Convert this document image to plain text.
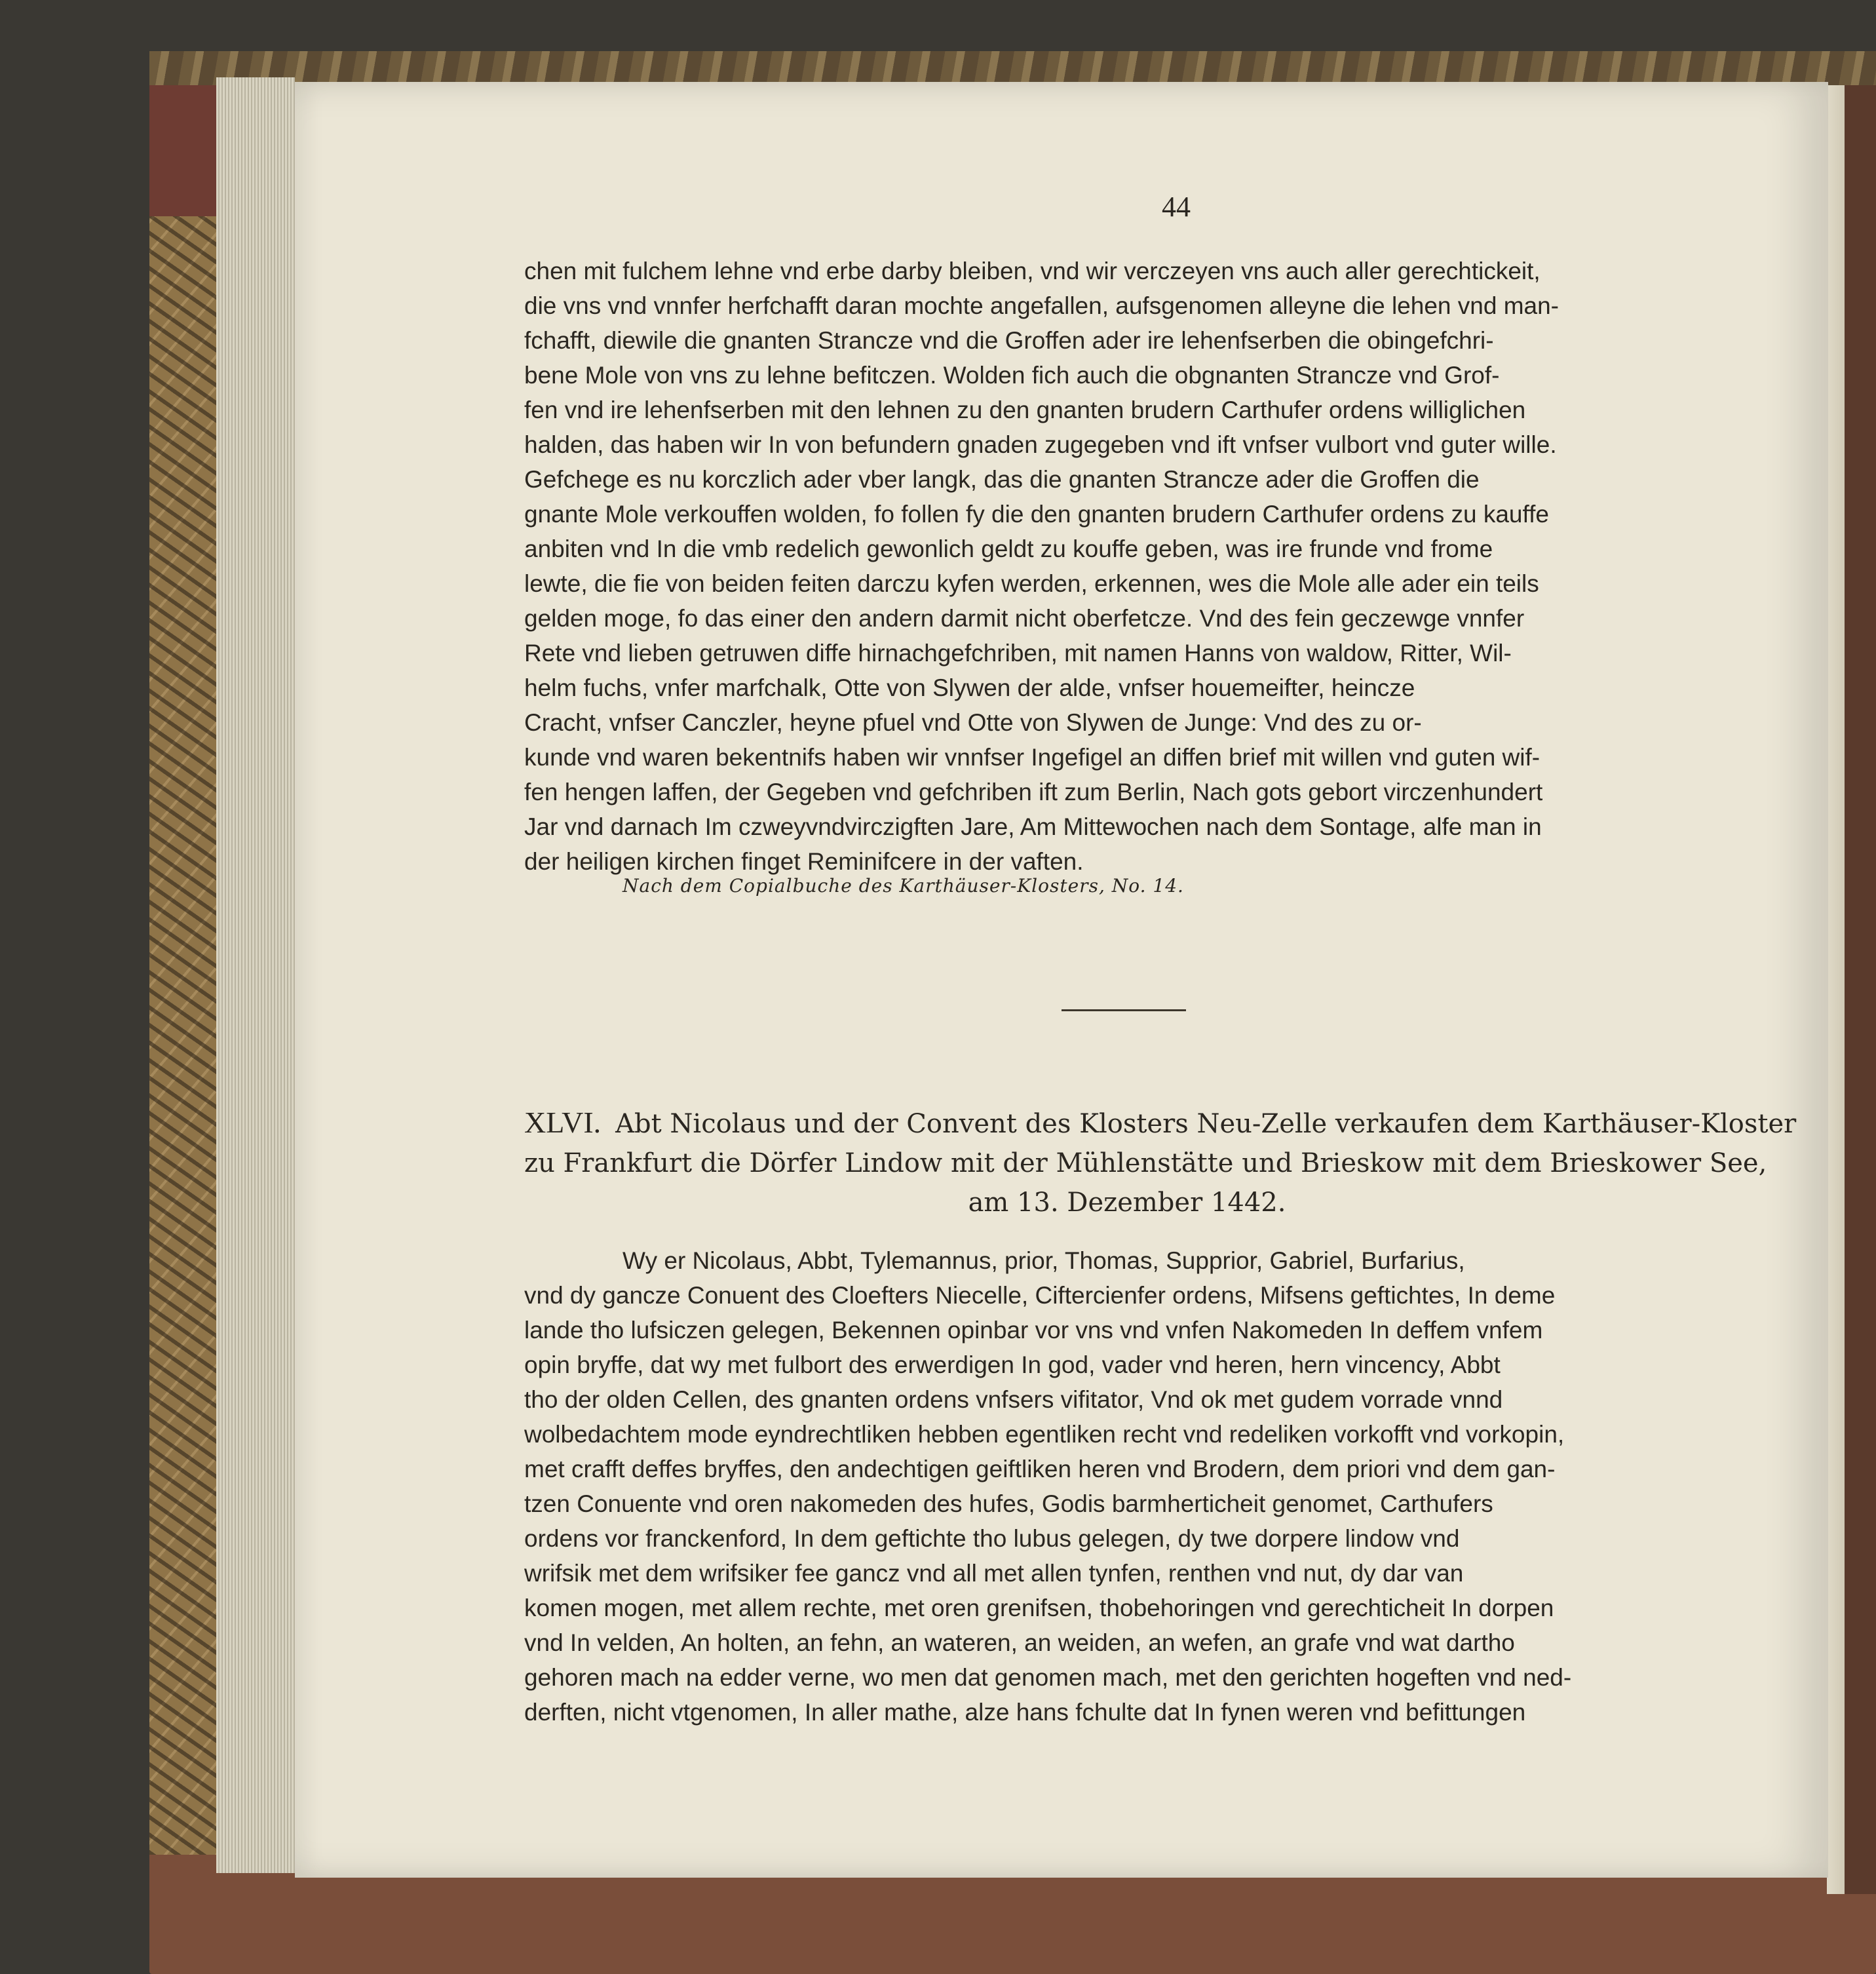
44
chen mit fulchem lehne vnd erbe darby bleiben, vnd wir verczeyen vns auch aller gerechtickeit,
die vns vnd vnnfer herfchafft daran mochte angefallen, aufsgenomen alleyne die lehen vnd man-
fchafft, diewile die gnanten Strancze vnd die Groffen ader ire lehenfserben die obingefchri-
bene Mole von vns zu lehne befitczen. Wolden fich auch die obgnanten Strancze vnd Grof-
fen vnd ire lehenfserben mit den lehnen zu den gnanten brudern Carthufer ordens williglichen
halden, das haben wir In von befundern gnaden zugegeben vnd ift vnfser vulbort vnd guter wille.
Gefchege es nu korczlich ader vber langk, das die gnanten Strancze ader die Groffen die
gnante Mole verkouffen wolden, fo follen fy die den gnanten brudern Carthufer ordens zu kauffe
anbiten vnd In die vmb redelich gewonlich geldt zu kouffe geben, was ire frunde vnd frome
lewte, die fie von beiden feiten darczu kyfen werden, erkennen, wes die Mole alle ader ein teils
gelden moge, fo das einer den andern darmit nicht oberfetcze. Vnd des fein geczewge vnnfer
Rete vnd lieben getruwen diffe hirnachgefchriben, mit namen Hanns von waldow, Ritter, Wil-
helm fuchs, vnfer marfchalk, Otte von Slywen der alde, vnfser houemeifter, heincze
Cracht, vnfser Canczler, heyne pfuel vnd Otte von Slywen de Junge: Vnd des zu or-
kunde vnd waren bekentnifs haben wir vnnfser Ingefigel an diffen brief mit willen vnd guten wif-
fen hengen laffen, der Gegeben vnd gefchriben ift zum Berlin, Nach gots gebort virczenhundert
Jar vnd darnach Im czweyvndvirczigften Jare, Am Mittewochen nach dem Sontage, alfe man in
der heiligen kirchen finget Reminifcere in der vaften.
Nach dem Copialbuche des Karthäuser-Klosters, No. 14.
XLVI. Abt Nicolaus und der Convent des Klosters Neu-Zelle verkaufen dem Karthäuser-Kloster
zu Frankfurt die Dörfer Lindow mit der Mühlenstätte und Brieskow mit dem Brieskower See,
am 13. Dezember 1442.
Wy er Nicolaus, Abbt, Tylemannus, prior, Thomas, Supprior, Gabriel, Burfarius,
vnd dy gancze Conuent des Cloefters Niecelle, Ciftercienfer ordens, Mifsens geftichtes, In deme
lande tho lufsiczen gelegen, Bekennen opinbar vor vns vnd vnfen Nakomeden In deffem vnfem
opin bryffe, dat wy met fulbort des erwerdigen In god, vader vnd heren, hern vincency, Abbt
tho der olden Cellen, des gnanten ordens vnfsers vifitator, Vnd ok met gudem vorrade vnnd
wolbedachtem mode eyndrechtliken hebben egentliken recht vnd redeliken vorkofft vnd vorkopin,
met crafft deffes bryffes, den andechtigen geiftliken heren vnd Brodern, dem priori vnd dem gan-
tzen Conuente vnd oren nakomeden des hufes, Godis barmherticheit genomet, Carthufers
ordens vor franckenford, In dem geftichte tho lubus gelegen, dy twe dorpere lindow vnd
wrifsik met dem wrifsiker fee gancz vnd all met allen tynfen, renthen vnd nut, dy dar van
komen mogen, met allem rechte, met oren grenifsen, thobehoringen vnd gerechticheit In dorpen
vnd In velden, An holten, an fehn, an wateren, an weiden, an wefen, an grafe vnd wat dartho
gehoren mach na edder verne, wo men dat genomen mach, met den gerichten hogeften vnd ned-
derften, nicht vtgenomen, In aller mathe, alze hans fchulte dat In fynen weren vnd befittungen
